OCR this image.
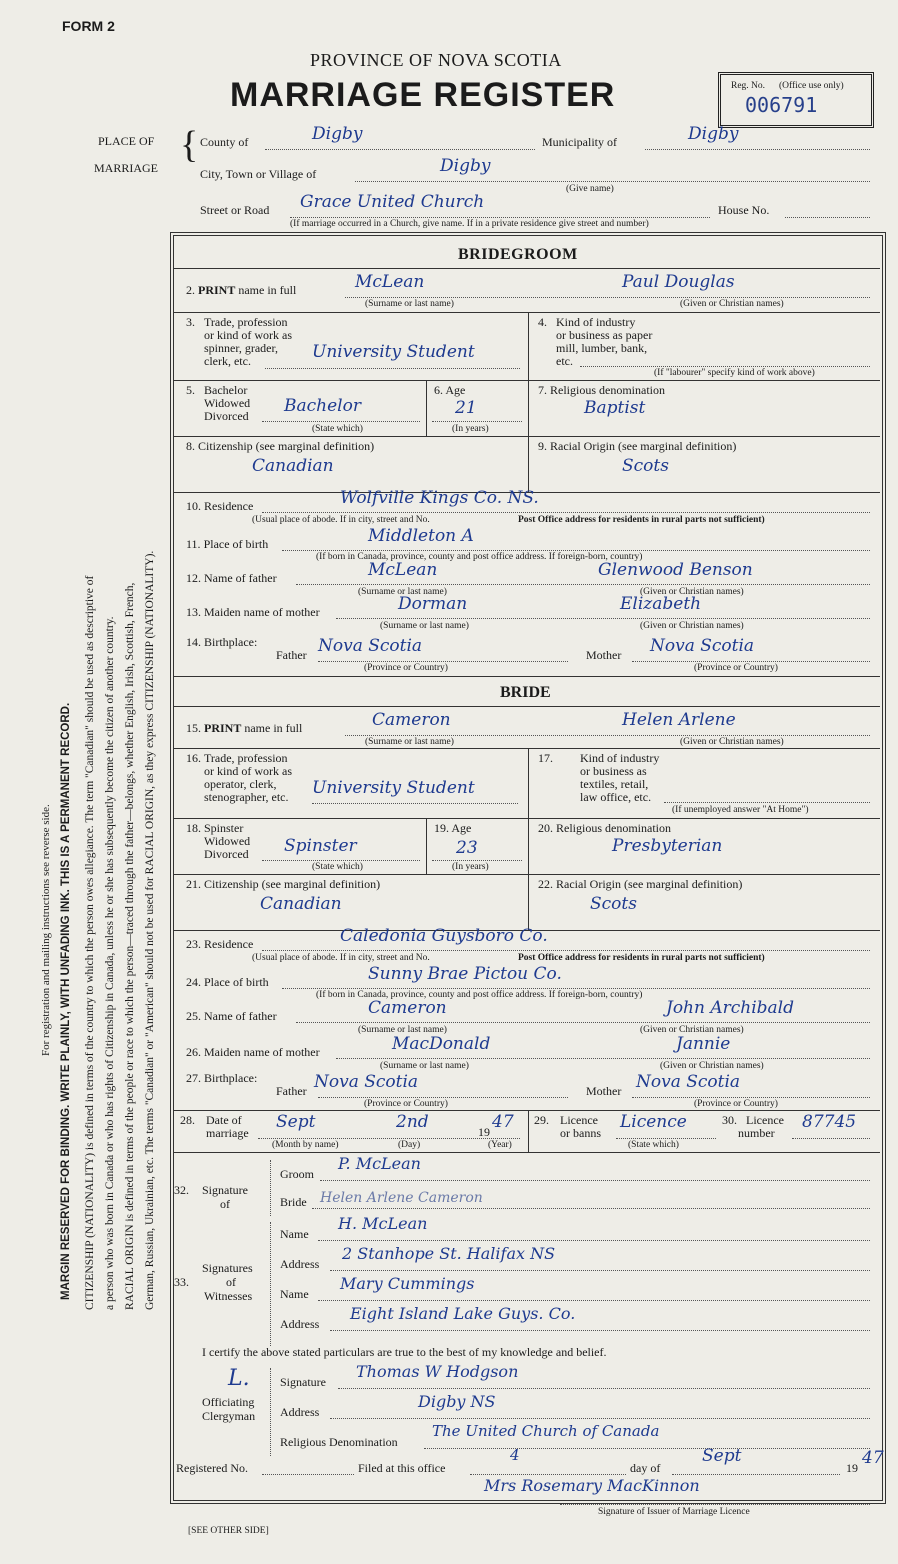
FORM 2
PROVINCE OF NOVA SCOTIA
MARRIAGE REGISTER	Reg. No. (Office use only)
006791
For registration and mailing instructions see reverse side. MARGIN RESERVED FOR BINDING. WRITE PLAINLY, WITH UNFADING INK. THIS IS A PERMANENT RECORD. CITIZENSHIP (NATIONALITY) is defined in terms of the country to which the person owes allegiance. The term "Canadian" should be used as descriptive of a person who was born in Canada or who has rights of Citizenship in Canada, unless he or she has subsequently become the citizen of another country. RACIAL ORIGIN is defined in terms of the people or race to which the person—traced through the father—belongs, whether English, Irish, Scottish, French, German, Russian, Ukrainian, etc. The terms "Canadian" or "American" should not be used for RACIAL ORIGIN, as they express CITIZENSHIP (NATIONALITY).
PLACE OF
MARRIAGE
{ County of	Digby	Municipality of	Digby
City, Town or Village of	Digby
(Give name)
Street or Road Grace United Church	House No.
(If marriage occurred in a Church, give name. If in a private residence give street and number)
BRIDEGROOM
2. PRINT name in full	McLean	Paul Douglas
(Surname or last name)	(Given or Christian names)
3. Trade, profession
or kind of work as
spinner, grader,
clerk, etc.	University Student
4. Kind of industry
or business as paper
mill, lumber, bank,
etc.
(If "labourer" specify kind of work above)
5. Bachelor
Widowed
Divorced Bachelor
(State which)
6. Age
21
(In years)
7. Religious denomination
Baptist
8. Citizenship (see marginal definition)
Canadian
9. Racial Origin (see marginal definition)
Scots
10. Residence	Wolfville Kings Co. NS.
(Usual place of abode. If in city, street and No.	Post Office address for residents in rural parts not sufficient)
11. Place of birth	Middleton A
(If born in Canada, province, county and post office address. If foreign-born, country)
12. Name of father	McLean	Glenwood Benson
(Surname or last name)	(Given or Christian names)
13. Maiden name of mother	Dorman	Elizabeth
(Surname or last name)	(Given or Christian names)
14. Birthplace:
Father Nova Scotia	Mother Nova Scotia
(Province or Country)	(Province or Country)
BRIDE
15. PRINT name in full	Cameron	Helen Arlene
(Surname or last name)	(Given or Christian names)
16. Trade, profession
or kind of work as
operator, clerk,
stenographer, etc. University Student
17. Kind of industry
or business as
textiles, retail,
law office, etc.
(If unemployed answer "At Home")
18. Spinster
Widowed
Divorced Spinster
(State which)
19. Age
23
(In years)
20. Religious denomination
Presbyterian
21. Citizenship (see marginal definition)
Canadian
22. Racial Origin (see marginal definition)
Scots
23. Residence	Caledonia Guysboro Co.
(Usual place of abode. If in city, street and No.	Post Office address for residents in rural parts not sufficient)
24. Place of birth	Sunny Brae Pictou Co.
(If born in Canada, province, county and post office address. If foreign-born, country)
25. Name of father	Cameron	John Archibald
(Surname or last name)	(Given or Christian names)
26. Maiden name of mother	MacDonald	Jannie
(Surname or last name)	(Given or Christian names)
27. Birthplace:
Father Nova Scotia	Mother Nova Scotia
(Province or Country)	(Province or Country)
28. Date of
marriage
Sept	2nd	19 47
(Month by name)	(Day)	(Year)
29. Licence
or banns
Licence
(State which)
30. Licence
number
87745
32. Signature
of
Groom
P. McLean
Bride Helen Arlene Cameron
33.
Signatures
of
Witnesses
Name
H. McLean
Address
2 Stanhope St. Halifax NS
Name
Mary Cummings
Address
Eight Island Lake Guys. Co.
I certify the above stated particulars are true to the best of my knowledge and belief.
L.
Officiating
Clergyman
Signature
Thomas W Hodgson
Address
Digby NS
Religious Denomination
The United Church of Canada
Registered No.	Filed at this office
4
day of
Sept
19 47
Mrs Rosemary MacKinnon
Signature of Issuer of Marriage Licence
[SEE OTHER SIDE]
